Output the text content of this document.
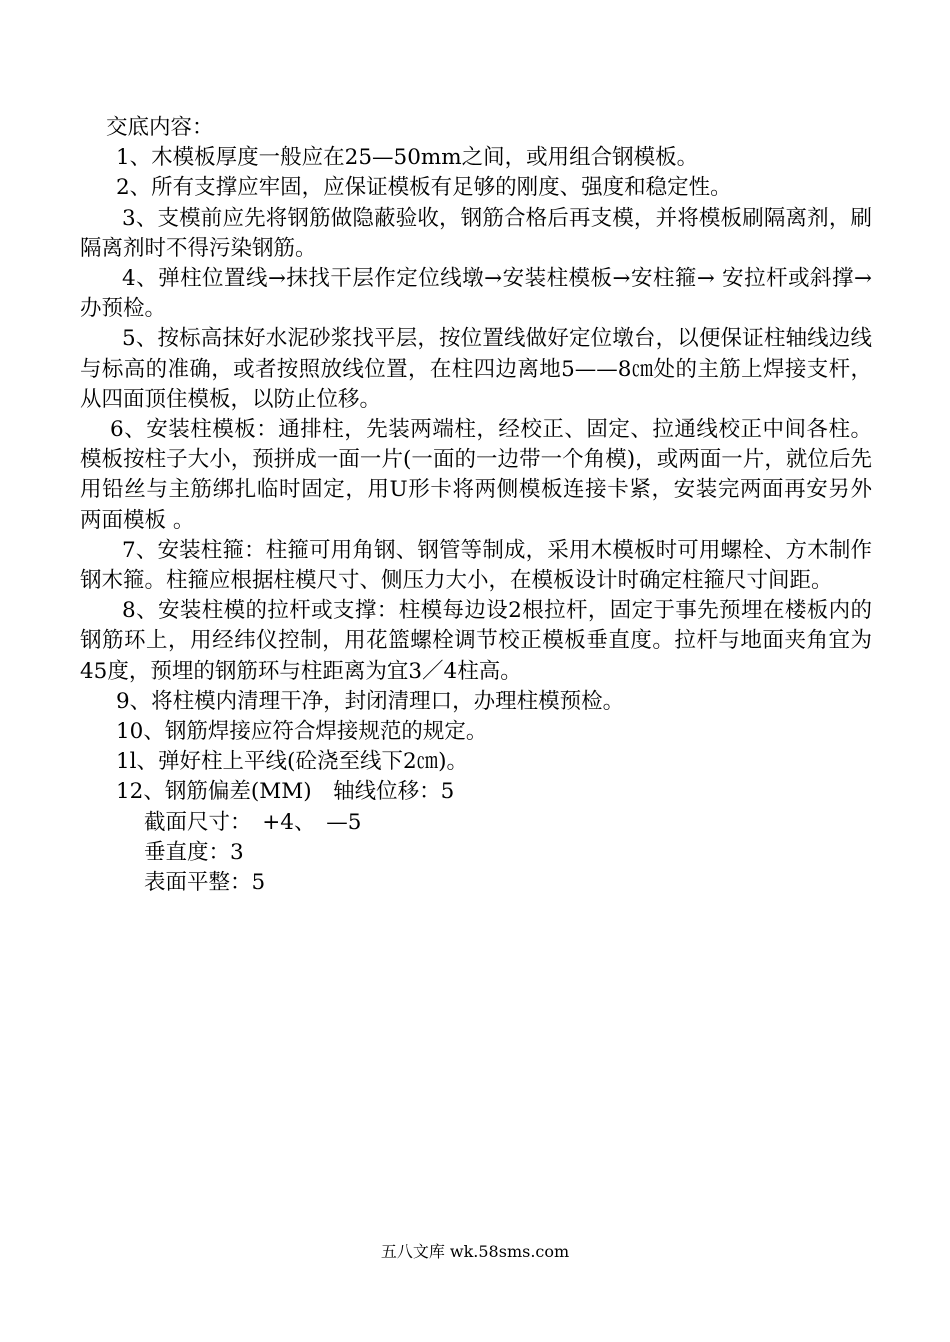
交底内容：

1、木模板厚度一般应在25—50mm之间，或用组合钢模板。

2、所有支撑应牢固，应保证模板有足够的刚度、强度和稳定性。

3、支模前应先将钢筋做隐蔽验收，钢筋合格后再支模，并将模板刷隔离剂，刷隔离剂时不得污染钢筋。

4、弹柱位置线→抹找干层作定位线墩→安装柱模板→安柱箍→ 安拉杆或斜撑→办预检。

5、按标高抹好水泥砂浆找平层，按位置线做好定位墩台，以便保证柱轴线边线与标高的准确，或者按照放线位置，在柱四边离地5——8㎝处的主筋上焊接支杆，从四面顶住模板，以防止位移。

6、安装柱模板：通排柱，先装两端柱，经校正、固定、拉通线校正中间各柱。模板按柱子大小，预拼成一面一片(一面的一边带一个角模)，或两面一片，就位后先用铅丝与主筋绑扎临时固定，用U形卡将两侧模板连接卡紧，安装完两面再安另外两面模板 。

7、安装柱箍：柱箍可用角钢、钢管等制成，采用木模板时可用螺栓、方木制作钢木箍。柱箍应根据柱模尺寸、侧压力大小，在模板设计时确定柱箍尺寸间距。

8、安装柱模的拉杆或支撑：柱模每边设2根拉杆，固定于事先预埋在楼板内的钢筋环上，用经纬仪控制，用花篮螺栓调节校正模板垂直度。拉杆与地面夹角宜为45度，预埋的钢筋环与柱距离为宜3／4柱高。

9、将柱模内清理干净，封闭清理口，办理柱模预检。

10、钢筋焊接应符合焊接规范的规定。

1l、弹好柱上平线(砼浇至线下2㎝)。

12、钢筋偏差(MM)　轴线位移：5

截面尺寸：　+4、　—5

垂直度：3

表面平整：5

五八文库 wk.58sms.com
